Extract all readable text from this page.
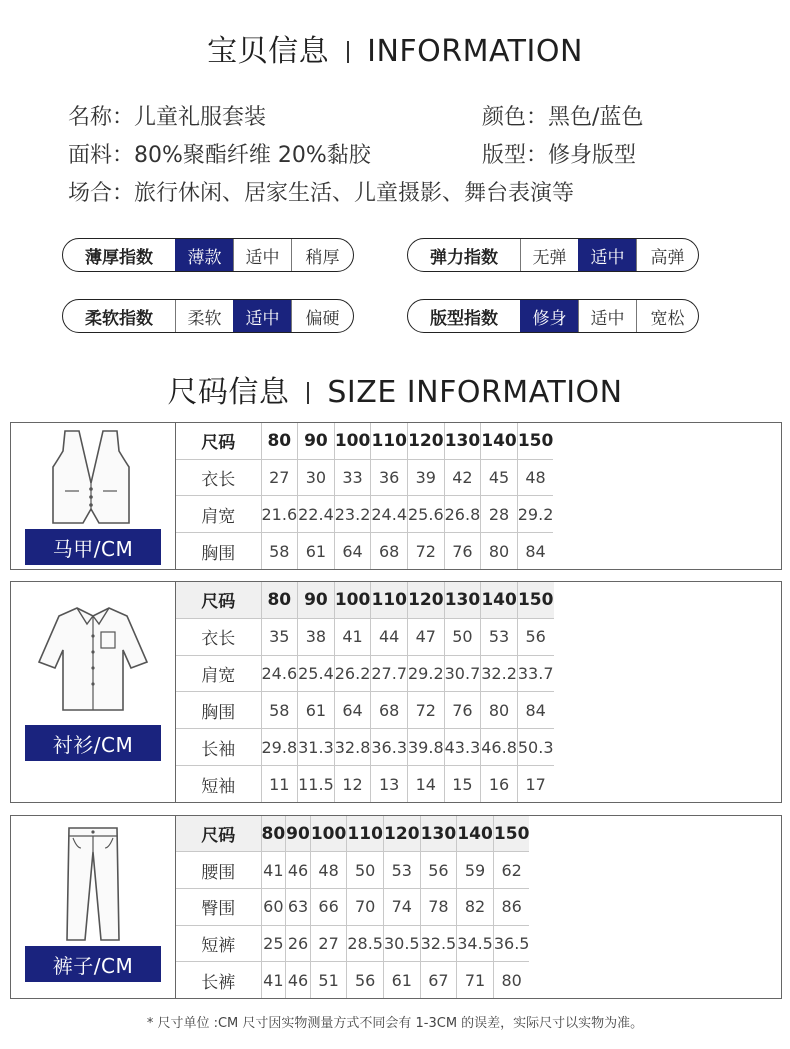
宝贝信息 INFORMATION
名称：儿童礼服套装	颜色：黑色/蓝色
面料：80%聚酯纤维 20%黏胶	版型：修身版型
场合：旅行休闲、居家生活、儿童摄影、舞台表演等
薄厚指数	薄款	适中	稍厚	弹力指数	无弹	适中	高弹
柔软指数	柔软	适中	偏硬	版型指数	修身	适中	宽松
尺码信息 SIZE INFORMATION
马甲/CM
尺码	80	90	100	110	120	130	140	150
衣长	27	30	33	36	39	42	45	48
肩宽	21.6	22.4	23.2	24.4	25.6	26.8	28	29.2
胸围	58	61	64	68	72	76	80	84
衬衫/CM
尺码	80	90	100	110	120	130	140	150
衣长	35	38	41	44	47	50	53	56
肩宽	24.6	25.4	26.2	27.7	29.2	30.7	32.2	33.7
胸围	58	61	64	68	72	76	80	84
长袖	29.8	31.3	32.8	36.3	39.8	43.3	46.8	50.3
短袖	11	11.5	12	13	14	15	16	17
裤子/CM
尺码	80	90	100	110	120	130	140	150
腰围	41	46	48	50	53	56	59	62
臀围	60	63	66	70	74	78	82	86
短裤	25	26	27	28.5	30.5	32.5	34.5	36.5
长裤	41	46	51	56	61	67	71	80
* 尺寸单位 :CM 尺寸因实物测量方式不同会有 1-3CM 的误差，实际尺寸以实物为准。
